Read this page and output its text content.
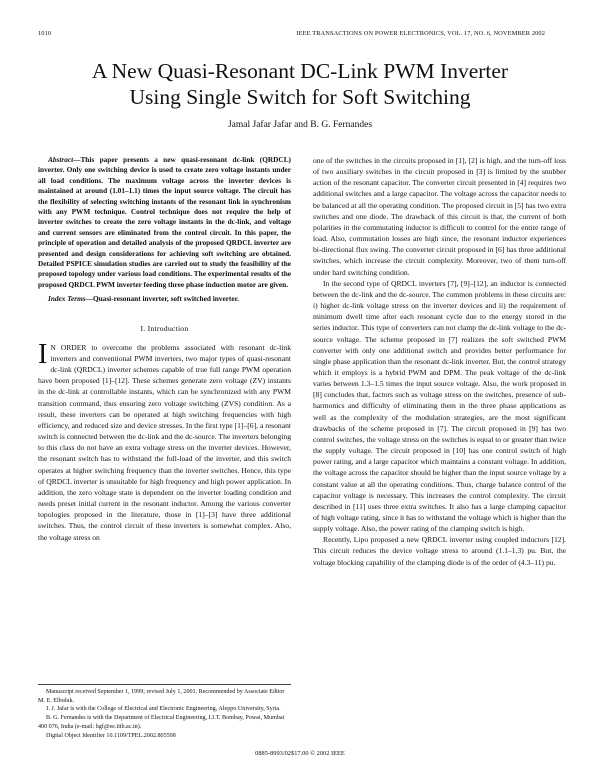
1010	IEEE TRANSACTIONS ON POWER ELECTRONICS, VOL. 17, NO. 6, NOVEMBER 2002
A New Quasi-Resonant DC-Link PWM Inverter
Using Single Switch for Soft Switching
Jamal Jafar Jafar and B. G. Fernandes

Abstract—This paper presents a new quasi-resonant dc-link (QRDCL) inverter. Only one switching device is used to create zero voltage instants under all load conditions. The maximum voltage across the inverter devices is maintained at around (1.01–1.1) times the input source voltage. The circuit has the flexibility of selecting switching instants of the resonant link in synchronism with any PWM technique. Control technique does not require the help of inverter switches to create the zero voltage instants in the dc-link, and voltage and current sensors are eliminated from the control circuit. In this paper, the principle of operation and detailed analysis of the proposed QRDCL inverter are presented and design considerations for achieving soft switching are obtained. Detailed PSPICE simulation studies are carried out to study the feasibility of the proposed topology under various load conditions. The experimental results of the proposed QRDCL PWM inverter feeding three phase induction motor are given.

Index Terms—Quasi-resonant inverter, soft switched inverter.

I. Introduction

I N ORDER to overcome the problems associated with resonant dc-link inverters and conventional PWM inverters, two major types of quasi-resonant dc-link (QRDCL) inverter schemes capable of true full range PWM operation have been proposed [1]–[12]. These schemes generate zero voltage (ZV) instants in the dc-link at controllable instants, which can be synchronized with any PWM transition command, thus ensuring zero voltage switching (ZVS) condition. As a result, these inverters can be operated at high switching frequencies with high efficiency, and reduced size and device stresses. In the first type [1]–[6], a resonant switch is connected between the dc-link and the dc-source. The inverters belonging to this class do not have an extra voltage stress on the inverter devices. However, the resonant switch has to withstand the full-load of the inverter, and this switch operates at higher switching frequency than the inverter switches. Hence, this type of QRDCL inverter is unsuitable for high frequency and high power application. In addition, the zero voltage state is dependent on the inverter loading condition and needs preset initial current in the resonant inductor. Among the various converter topologies proposed in the literature, those in [1]–[3] have three additional switches. Thus, the control circuit of these inverters is somewhat complex. Also, the voltage stress on

Manuscript received September 1, 1999; revised July 1, 2001. Recommended by Associate Editor M. E. Elbuluk.

J. J. Jafar is with the College of Electrical and Electronic Engineering, Aleppo University, Syria.

B. G. Fernandes is with the Department of Electrical Engineering, I.I.T. Bombay, Powai, Mumbai 400 076, India (e-mail: bgf@ee.iitb.ac.in).

Digital Object Identifier 10.1109/TPEL.2002.805598

one of the switches in the circuits proposed in [1], [2] is high, and the turn-off loss of two auxiliary switches in the circuit proposed in [3] is limited by the snubber action of the resonant capacitor. The converter circuit presented in [4] requires two additional switches and a large capacitor. The voltage across the capacitor needs to be balanced at all the operating condition. The proposed circuit in [5] has two extra switches and one diode. The drawback of this circuit is that, the current of both polarities in the commutating inductor is difficult to control for the entire range of load. Also, commutation losses are high since, the resonant inductor experiences bi-directional flux swing. The converter circuit proposed in [6] has three additional switches, which increase the circuit complexity. Moreover, two of them turn-off under hard switching condition.

In the second type of QRDCL inverters [7], [9]–[12], an inductor is connected between the dc-link and the dc-source. The common problems in these circuits are: i) higher dc-link voltage stress on the inverter devices and ii) the requirement of minimum dwell time after each resonant cycle due to the energy stored in the series inductor. This type of converters can not clamp the dc-link voltage to the dc-source voltage. The scheme proposed in [7] realizes the soft switched PWM converter with only one additional switch and provides better performance for single phase application than the resonant dc-link inverter. But, the control strategy which it employs is a hybrid PWM and DPM. The peak voltage of the dc-link varies between 1.3–1.5 times the input source voltage. Also, the work proposed in [8] concludes that, factors such as voltage stress on the switches, presence of sub-harmonics and difficulty of eliminating them in the three phase applications as well as the complexity of the modulation strategies, are the most significant drawbacks of the scheme proposed in [7]. The circuit proposed in [9] has two control switches, the voltage stress on the switches is equal to or greater than twice the supply voltage. The circuit proposed in [10] has one control switch of high power rating, and a large capacitor which maintains a constant voltage. In addition, the voltage across the capacitor should be higher than the input source voltage by a constant value at all the operating conditions. Thus, charge balance control of the capacitor voltage is necessary. This increases the control complexity. The circuit described in [11] uses three extra switches. It also has a large clamping capacitor of high voltage rating, since it has to withstand the voltage which is higher than the supply voltage. Also, the power rating of the clamping switch is high.

Recently, Lipo proposed a new QRDCL inverter using coupled inductors [12]. This circuit reduces the device voltage stress to around (1.1–1.3) pu. But, the voltage blocking capability of the clamping diode is of the order of (4.3–11) pu.

0885-8993/02$17.00 © 2002 IEEE
